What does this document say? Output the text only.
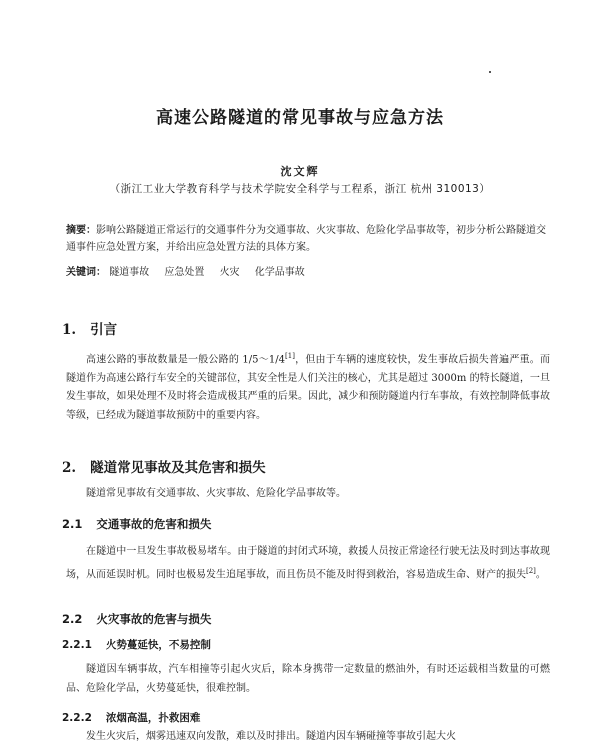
高速公路隧道的常见事故与应急方法
沈文辉
（浙江工业大学教育科学与技术学院安全科学与工程系，浙江 杭州 310013）
摘要：影响公路隧道正常运行的交通事件分为交通事故、火灾事故、危险化学品事故等，初步分析公路隧道交通事件应急处置方案，并给出应急处置方法的具体方案。
关键词： 隧道事故 应急处置 火灾 化学品事故
1. 引言
高速公路的事故数量是一般公路的 1/5～1/4[1]，但由于车辆的速度较快，发生事故后损失普遍严重。而隧道作为高速公路行车安全的关键部位，其安全性是人们关注的核心，尤其是超过 3000m 的特长隧道，一旦发生事故，如果处理不及时将会造成极其严重的后果。因此，减少和预防隧道内行车事故，有效控制降低事故等级，已经成为隧道事故预防中的重要内容。
2. 隧道常见事故及其危害和损失
隧道常见事故有交通事故、火灾事故、危险化学品事故等。
2.1 交通事故的危害和损失
在隧道中一旦发生事故极易堵车。由于隧道的封闭式环境，救援人员按正常途径行驶无法及时到达事故现场，从而延误时机。同时也极易发生追尾事故，而且伤员不能及时得到救治，容易造成生命、财产的损失[2]。
2.2 火灾事故的危害与损失
2.2.1 火势蔓延快，不易控制
隧道因车辆事故，汽车相撞等引起火灾后，除本身携带一定数量的燃油外，有时还运载相当数量的可燃品、危险化学品，火势蔓延快，很难控制。
2.2.2 浓烟高温，扑救困难
发生火灾后，烟雾迅速双向发散，难以及时排出。隧道内因车辆碰撞等事故引起大火
